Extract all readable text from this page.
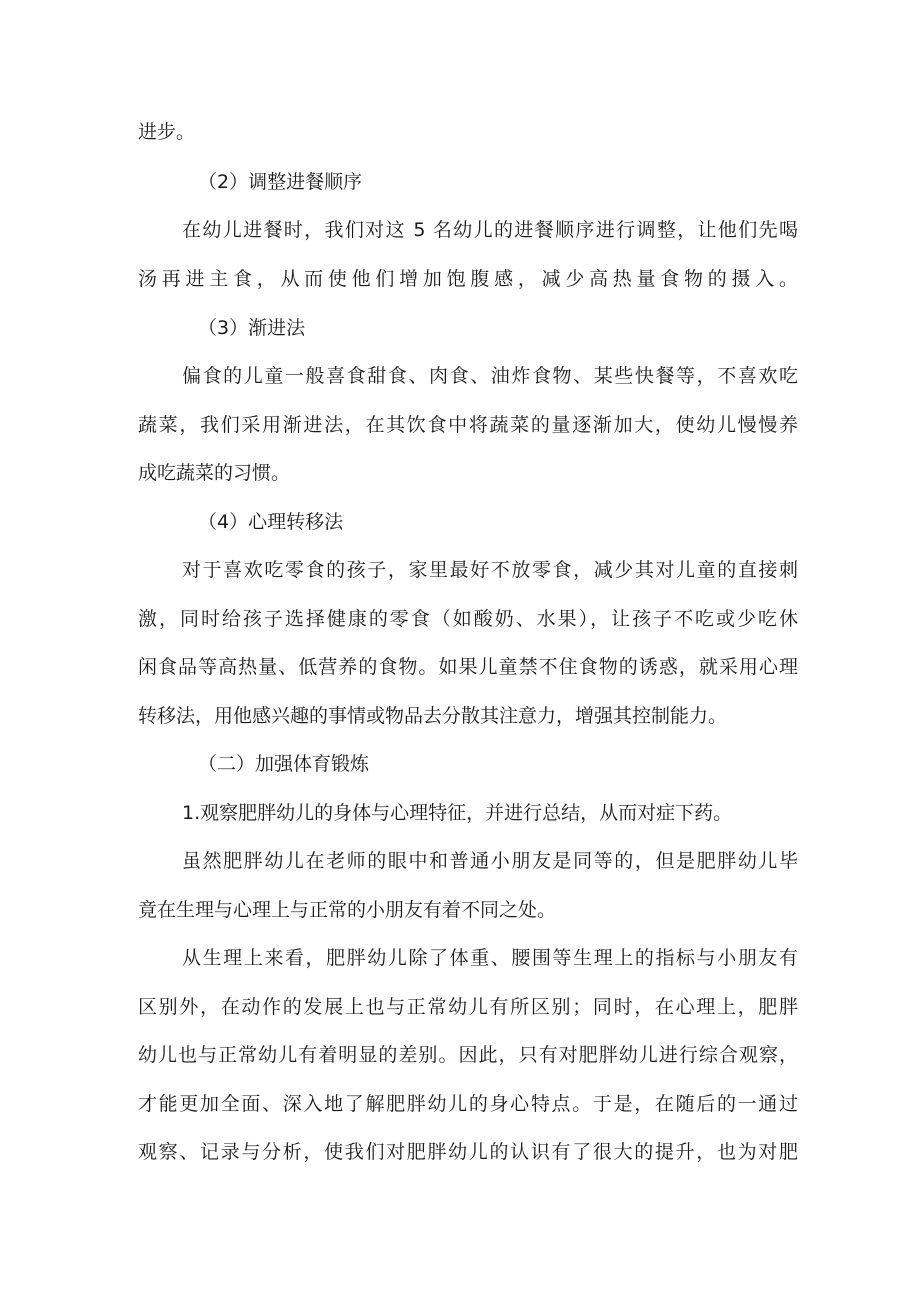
进步。
（2）调整进餐顺序
在幼儿进餐时，我们对这 5 名幼儿的进餐顺序进行调整，让他们先喝
汤再进主食，从而使他们增加饱腹感，减少高热量食物的摄入。
（3）渐进法
偏食的儿童一般喜食甜食、肉食、油炸食物、某些快餐等，不喜欢吃
蔬菜，我们采用渐进法，在其饮食中将蔬菜的量逐渐加大，使幼儿慢慢养
成吃蔬菜的习惯。
（4）心理转移法
对于喜欢吃零食的孩子，家里最好不放零食，减少其对儿童的直接刺
激，同时给孩子选择健康的零食（如酸奶、水果），让孩子不吃或少吃休
闲食品等高热量、低营养的食物。如果儿童禁不住食物的诱惑，就采用心理
转移法，用他感兴趣的事情或物品去分散其注意力，增强其控制能力。
（二）加强体育锻炼
1.观察肥胖幼儿的身体与心理特征，并进行总结，从而对症下药。
虽然肥胖幼儿在老师的眼中和普通小朋友是同等的，但是肥胖幼儿毕
竟在生理与心理上与正常的小朋友有着不同之处。
从生理上来看，肥胖幼儿除了体重、腰围等生理上的指标与小朋友有
区别外，在动作的发展上也与正常幼儿有所区别；同时，在心理上，肥胖
幼儿也与正常幼儿有着明显的差别。因此，只有对肥胖幼儿进行综合观察，
才能更加全面、深入地了解肥胖幼儿的身心特点。于是，在随后的一通过
观察、记录与分析，使我们对肥胖幼儿的认识有了很大的提升，也为对肥
